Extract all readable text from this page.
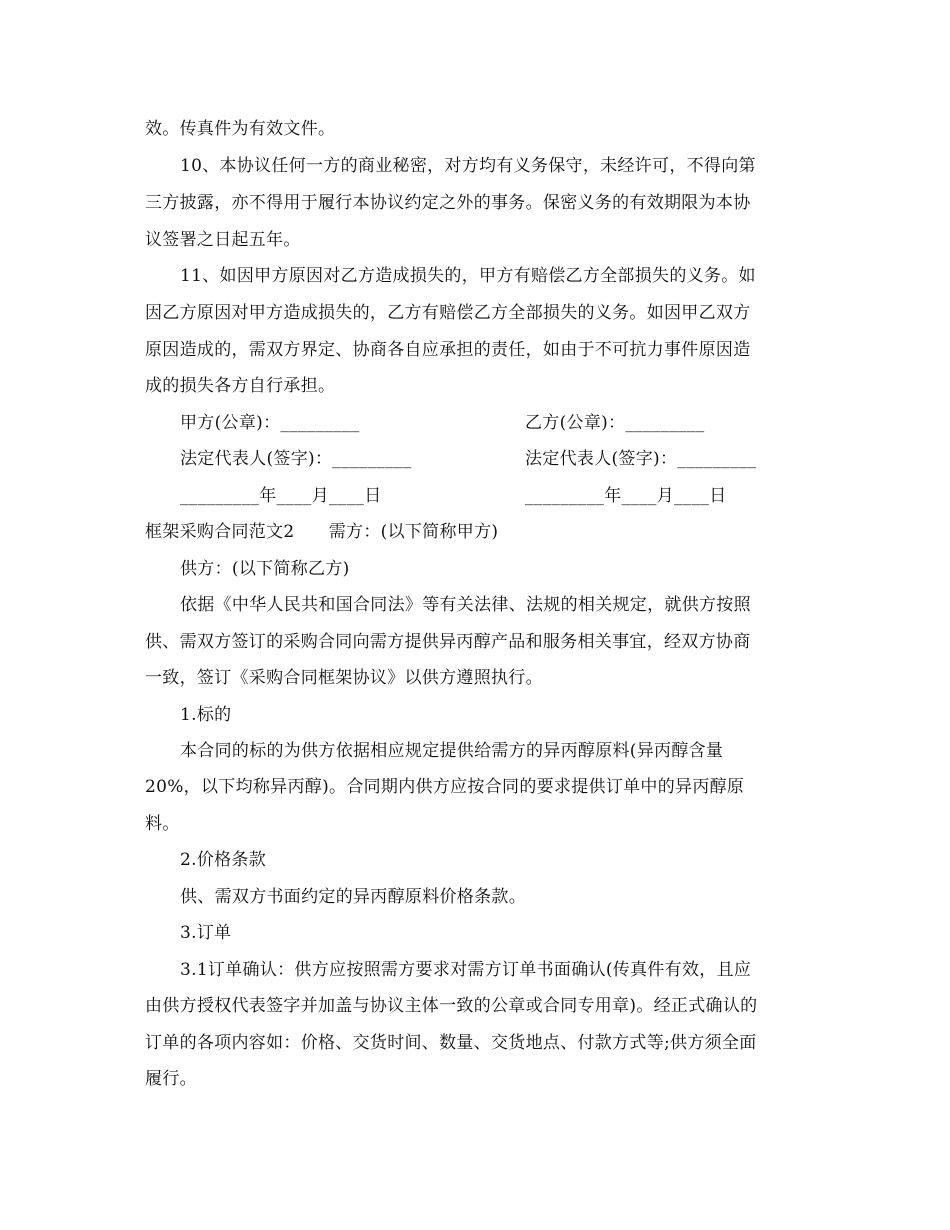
效。传真件为有效文件。
10、本协议任何一方的商业秘密，对方均有义务保守，未经许可，不得向第
三方披露，亦不得用于履行本协议约定之外的事务。保密义务的有效期限为本协
议签署之日起五年。
11、如因甲方原因对乙方造成损失的，甲方有赔偿乙方全部损失的义务。如
因乙方原因对甲方造成损失的，乙方有赔偿乙方全部损失的义务。如因甲乙双方
原因造成的，需双方界定、协商各自应承担的责任，如由于不可抗力事件原因造
成的损失各方自行承担。
甲方(公章)：_________	乙方(公章)：_________
法定代表人(签字)：_________	法定代表人(签字)：_________
_________年____月____日	_________年____月____日
框架采购合同范文2      需方：(以下简称甲方)
供方：(以下简称乙方)
依据《中华人民共和国合同法》等有关法律、法规的相关规定，就供方按照
供、需双方签订的采购合同向需方提供异丙醇产品和服务相关事宜，经双方协商
一致，签订《采购合同框架协议》以供方遵照执行。
1.标的
本合同的标的为供方依据相应规定提供给需方的异丙醇原料(异丙醇含量
20%，以下均称异丙醇)。合同期内供方应按合同的要求提供订单中的异丙醇原
料。
2.价格条款
供、需双方书面约定的异丙醇原料价格条款。
3.订单
3.1订单确认：供方应按照需方要求对需方订单书面确认(传真件有效，且应
由供方授权代表签字并加盖与协议主体一致的公章或合同专用章)。经正式确认的
订单的各项内容如：价格、交货时间、数量、交货地点、付款方式等;供方须全面
履行。
